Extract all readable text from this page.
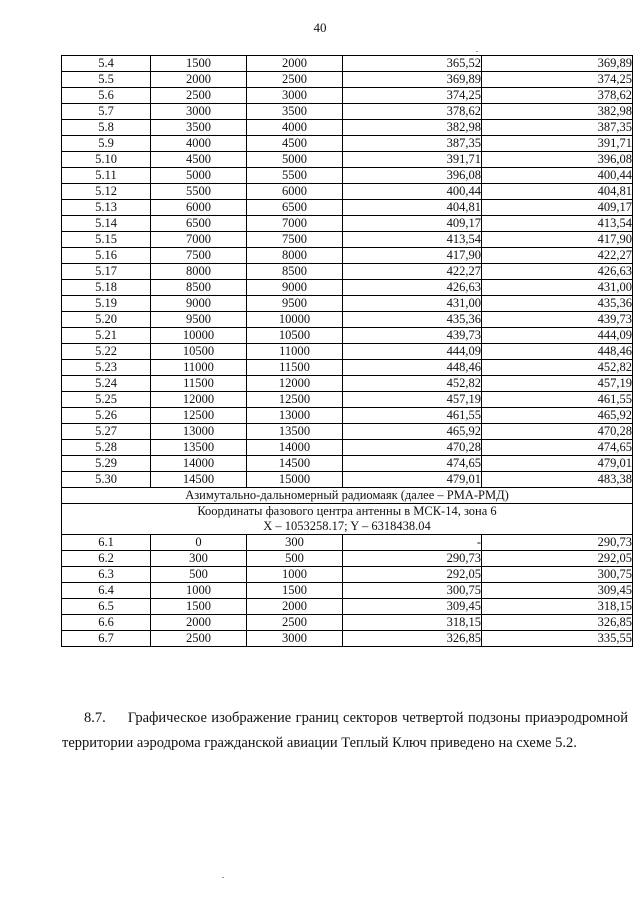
40
5.4	1500	2000	365,52	369,89
5.5	2000	2500	369,89	374,25
5.6	2500	3000	374,25	378,62
5.7	3000	3500	378,62	382,98
5.8	3500	4000	382,98	387,35
5.9	4000	4500	387,35	391,71
5.10	4500	5000	391,71	396,08
5.11	5000	5500	396,08	400,44
5.12	5500	6000	400,44	404,81
5.13	6000	6500	404,81	409,17
5.14	6500	7000	409,17	413,54
5.15	7000	7500	413,54	417,90
5.16	7500	8000	417,90	422,27
5.17	8000	8500	422,27	426,63
5.18	8500	9000	426,63	431,00
5.19	9000	9500	431,00	435,36
5.20	9500	10000	435,36	439,73
5.21	10000	10500	439,73	444,09
5.22	10500	11000	444,09	448,46
5.23	11000	11500	448,46	452,82
5.24	11500	12000	452,82	457,19
5.25	12000	12500	457,19	461,55
5.26	12500	13000	461,55	465,92
5.27	13000	13500	465,92	470,28
5.28	13500	14000	470,28	474,65
5.29	14000	14500	474,65	479,01
5.30	14500	15000	479,01	483,38
Азимутально-дальномерный радиомаяк (далее – РМА-РМД)				

Координаты фазового центра антенны в МСК-14, зона 6
X – 1053258.17; Y – 6318438.04				

6.1	0	300	-	290,73
6.2	300	500	290,73	292,05
6.3	500	1000	292,05	300,75
6.4	1000	1500	300,75	309,45
6.5	1500	2000	309,45	318,15
6.6	2000	2500	318,15	326,85
6.7	2500	3000	326,85	335,55
8.7. Графическое изображение границ секторов четвертой подзоны приаэродромной территории аэродрома гражданской авиации Теплый Ключ приведено на схеме 5.2.
